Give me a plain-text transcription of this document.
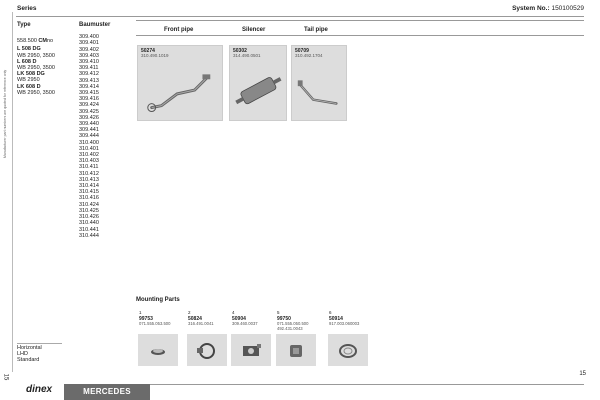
Manufacturer part numbers are quoted for reference only
Series	System No.: 150100529
Type
558.500 CMno
L 508 DG
WB 2950, 3500
L 608 D
WB 2950, 3500
LK 508 DG
WB 2950
LK 608 D
WB 2950, 3500
Baumuster
309.400
309.401
309.402
309.403
309.410
309.411
309.412
309.413
309.414
309.415
309.416
309.424
309.425
309.426
309.440
309.441
309.444
310.400
310.401
310.402
310.403
310.411
310.412
310.413
310.414
310.415
310.416
310.424
310.425
310.426
310.440
310.441
310.444
Front pipe	Silencer	Tail pipe
50274
310.490.1019
50302
314.490.0501
50709
310.492.1704
Mounting Parts
1
99753
071.555.053.500
2
50824
316.491.0041
4
50904
309.460.0037
5
99750
071.555.050.500
492.431.0043
6
50914
917.003.060003
Horizontal
LHD
Standard
15	15
dinex	MERCEDES
